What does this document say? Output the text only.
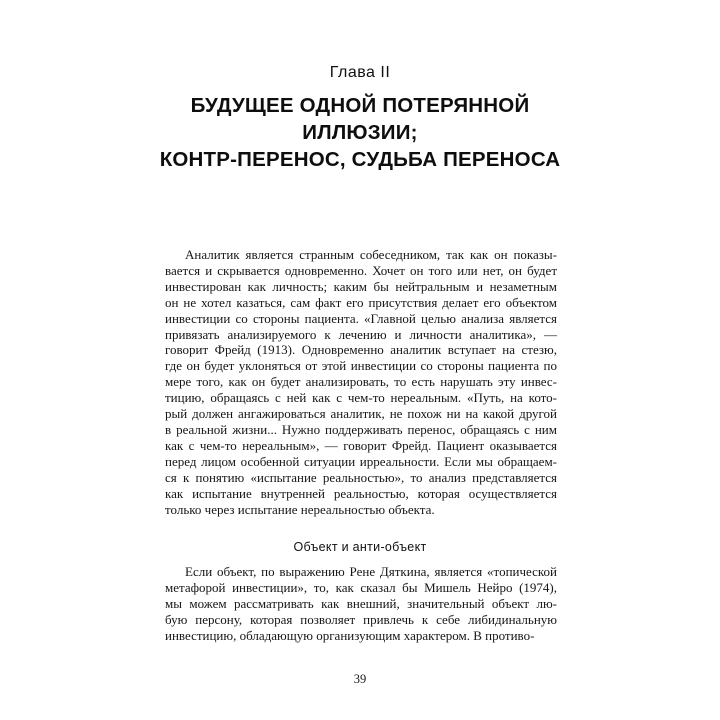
Глава II
БУДУЩЕЕ ОДНОЙ ПОТЕРЯННОЙ
ИЛЛЮЗИИ;
КОНТР-ПЕРЕНОС, СУДЬБА ПЕРЕНОСА
Аналитик является странным собеседником, так как он показы-
вается и скрывается одновременно. Хочет он того или нет, он будет
инвестирован как личность; каким бы нейтральным и незаметным
он не хотел казаться, сам факт его присутствия делает его объектом
инвестиции со стороны пациента. «Главной целью анализа является
привязать анализируемого к лечению и личности аналитика», —
говорит Фрейд (1913). Одновременно аналитик вступает на стезю,
где он будет уклоняться от этой инвестиции со стороны пациента по
мере того, как он будет анализировать, то есть нарушать эту инвес-
тицию, обращаясь с ней как с чем-то нереальным. «Путь, на кото-
рый должен ангажироваться аналитик, не похож ни на какой другой
в реальной жизни... Нужно поддерживать перенос, обращаясь с ним
как с чем-то нереальным», — говорит Фрейд. Пациент оказывается
перед лицом особенной ситуации ирреальности. Если мы обращаем-
ся к понятию «испытание реальностью», то анализ представляется
как испытание внутренней реальностью, которая осуществляется
только через испытание нереальностью объекта.
Объект и анти-объект
Если объект, по выражению Рене Дяткина, является «топической
метафорой инвестиции», то, как сказал бы Мишель Нейро (1974),
мы можем рассматривать как внешний, значительный объект лю-
бую персону, которая позволяет привлечь к себе либидинальную
инвестицию, обладающую организующим характером. В противо-
39
